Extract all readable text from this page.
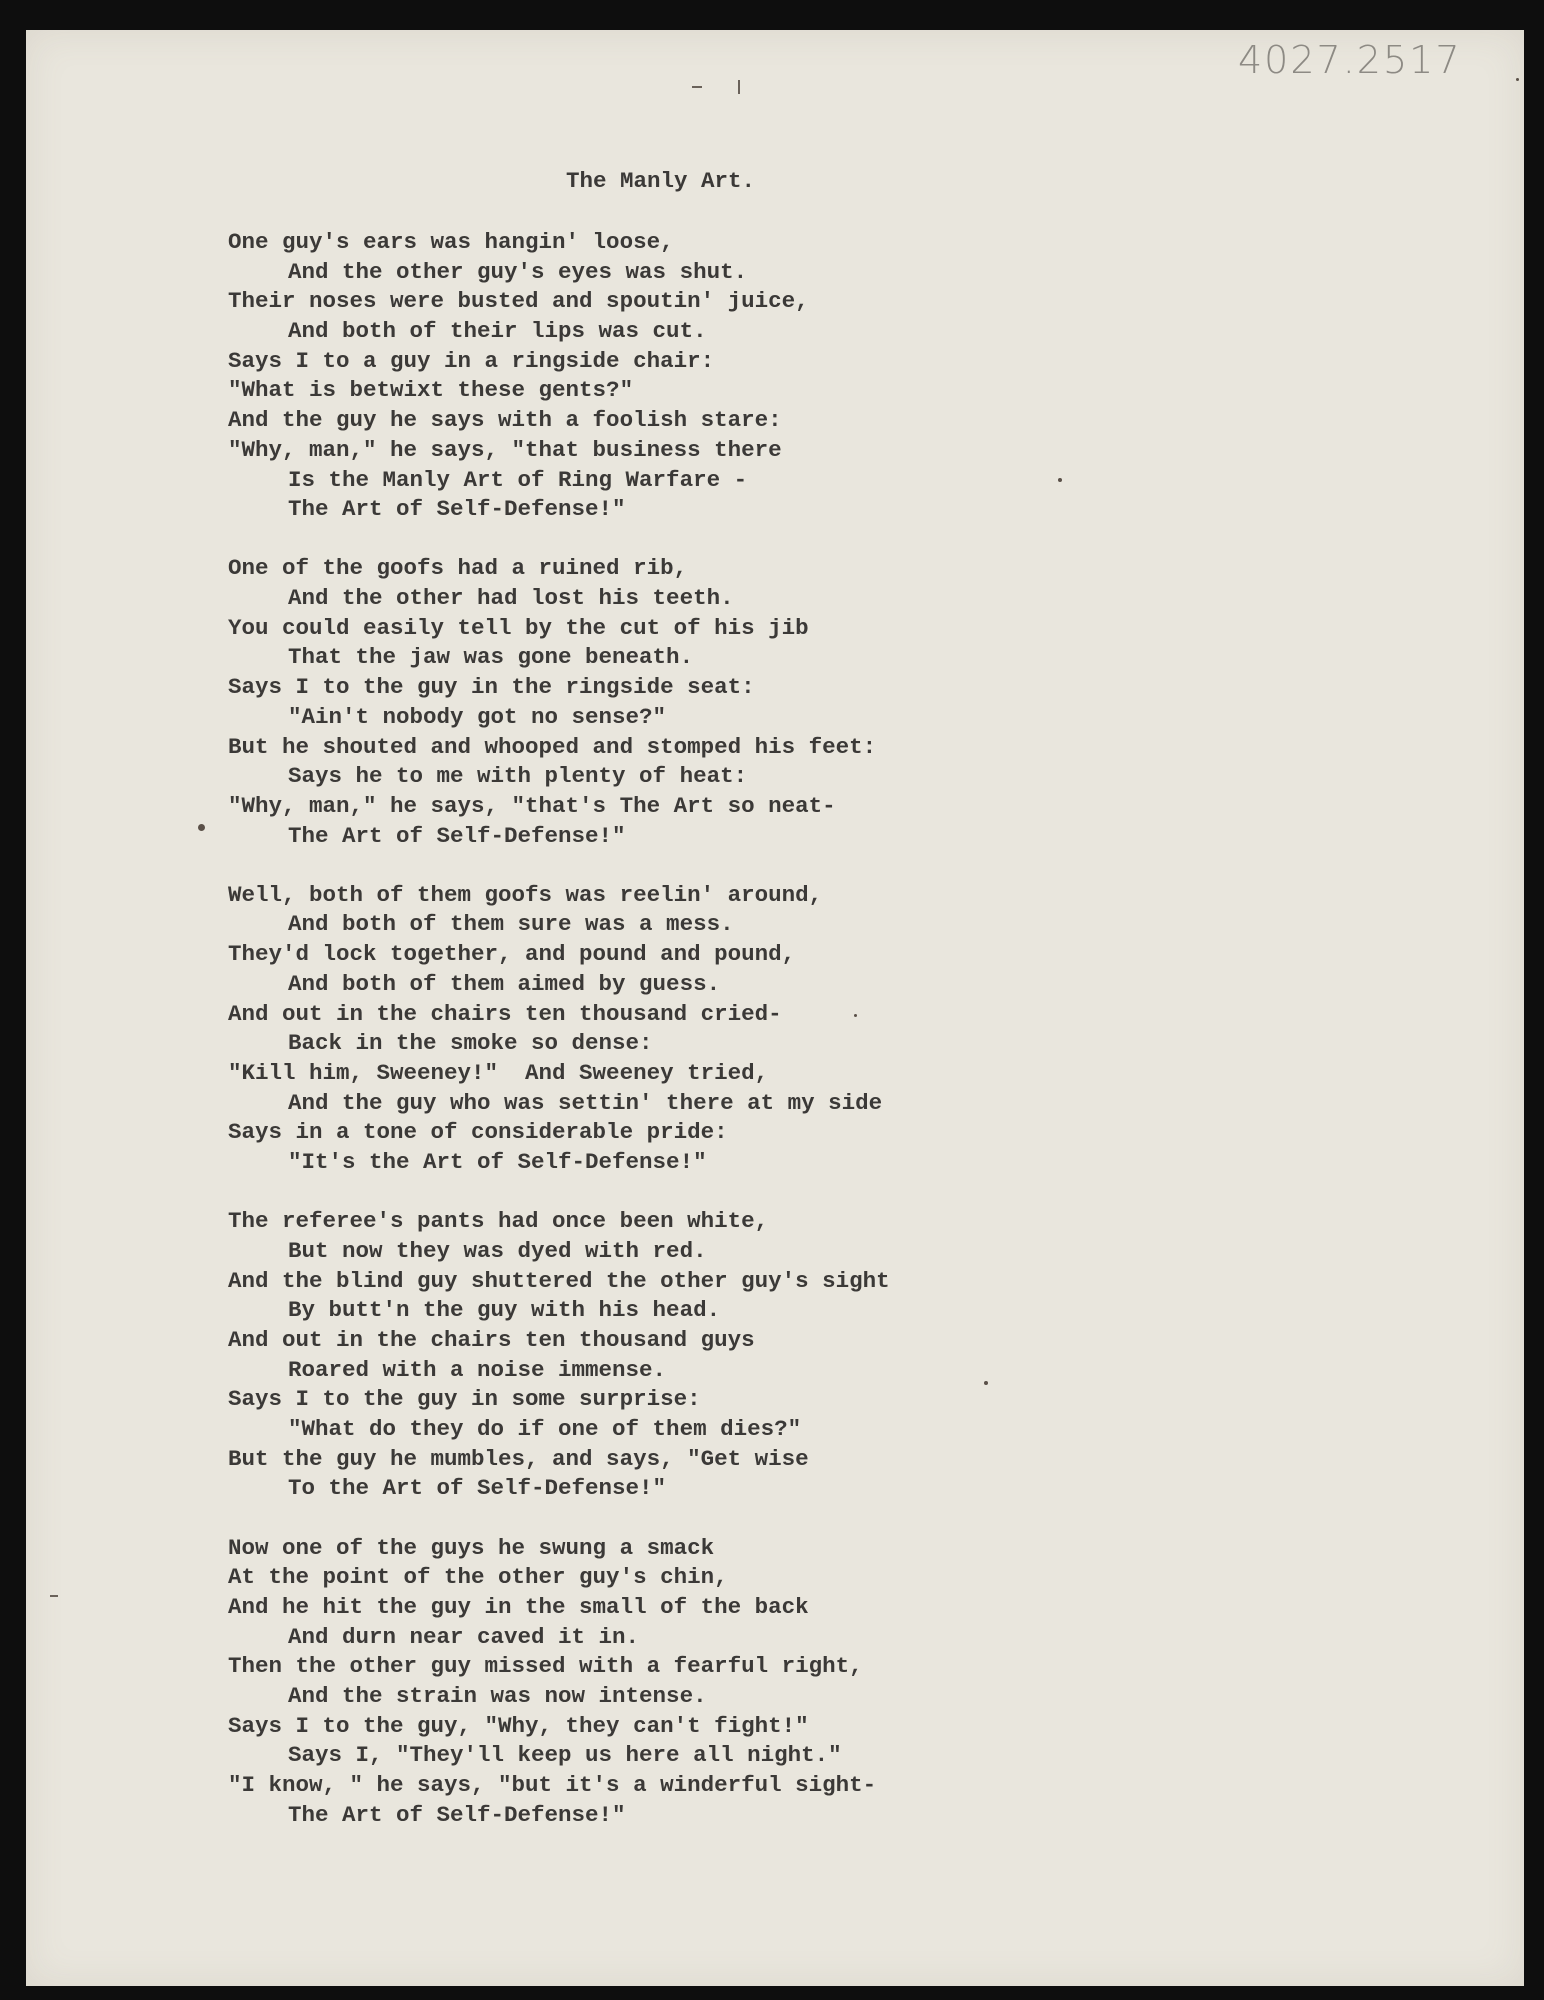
4027.2517
The Manly Art.
One guy's ears was hangin' loose,
And the other guy's eyes was shut.
Their noses were busted and spoutin' juice,
And both of their lips was cut.
Says I to a guy in a ringside chair:
"What is betwixt these gents?"
And the guy he says with a foolish stare:
"Why, man," he says, "that business there
Is the Manly Art of Ring Warfare -
The Art of Self-Defense!"
One of the goofs had a ruined rib,
And the other had lost his teeth.
You could easily tell by the cut of his jib
That the jaw was gone beneath.
Says I to the guy in the ringside seat:
"Ain't nobody got no sense?"
But he shouted and whooped and stomped his feet:
Says he to me with plenty of heat:
"Why, man," he says, "that's The Art so neat-
The Art of Self-Defense!"
Well, both of them goofs was reelin' around,
And both of them sure was a mess.
They'd lock together, and pound and pound,
And both of them aimed by guess.
And out in the chairs ten thousand cried-
Back in the smoke so dense:
"Kill him, Sweeney!"  And Sweeney tried,
And the guy who was settin' there at my side
Says in a tone of considerable pride:
"It's the Art of Self-Defense!"
The referee's pants had once been white,
But now they was dyed with red.
And the blind guy shuttered the other guy's sight
By butt'n the guy with his head.
And out in the chairs ten thousand guys
Roared with a noise immense.
Says I to the guy in some surprise:
"What do they do if one of them dies?"
But the guy he mumbles, and says, "Get wise
To the Art of Self-Defense!"
Now one of the guys he swung a smack
At the point of the other guy's chin,
And he hit the guy in the small of the back
And durn near caved it in.
Then the other guy missed with a fearful right,
And the strain was now intense.
Says I to the guy, "Why, they can't fight!"
Says I, "They'll keep us here all night."
"I know, " he says, "but it's a winderful sight-
The Art of Self-Defense!"
